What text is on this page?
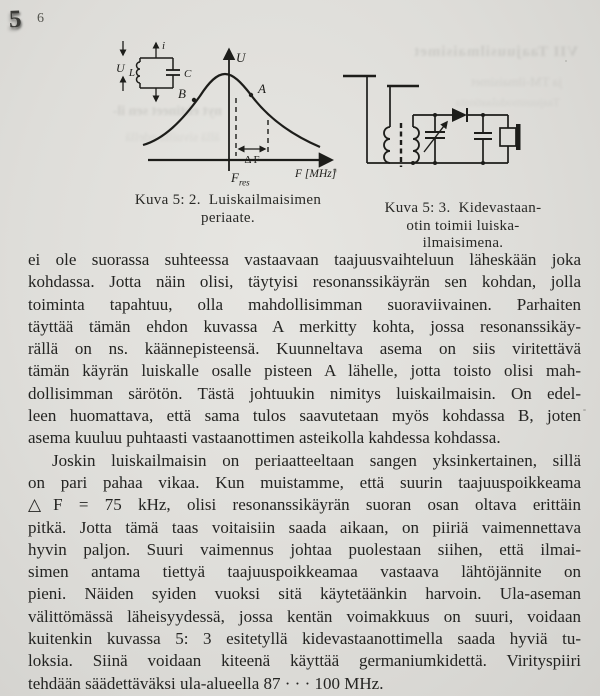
5 6
VII Taajuusilmaisimet
ja TM-ilmaisimet
Taajuusmodulaatiosta
nyt ehtineet sen il-
ällä sivuilla edellä
U
i
L	C
U
F [MHz]
$F_{res}$
B	A
Δ F
Kuva 5: 2.  Luiskailmaisimen
periaate.
Kuva 5: 3.  Kidevastaan-
otin toimii luiska-
ilmaisimena.
ei ole suorassa suhteessa vastaavaan taajuusvaihteluun läheskään joka
kohdassa. Jotta näin olisi, täytyisi resonanssikäyrän sen kohdan, jolla
toiminta tapahtuu, olla mahdollisimman suoraviivainen. Parhaiten
täyttää tämän ehdon kuvassa A merkitty kohta, jossa resonanssikäy-
rällä on ns. käännepisteensä. Kuunneltava asema on siis viritettävä
tämän käyrän luiskalle osalle pisteen A lähelle, jotta toisto olisi mah-
dollisimman särötön. Tästä johtuukin nimitys luiskailmaisin. On edel-
leen huomattava, että sama tulos saavutetaan myös kohdassa B, joten
asema kuuluu puhtaasti vastaanottimen asteikolla kahdessa kohdassa.
Joskin luiskailmaisin on periaatteeltaan sangen yksinkertainen, sillä
on pari pahaa vikaa. Kun muistamme, että suurin taajuuspoikkeama
△F = 75 kHz, olisi resonanssikäyrän suoran osan oltava erittäin
pitkä. Jotta tämä taas voitaisiin saada aikaan, on piiriä vaimennettava
hyvin paljon. Suuri vaimennus johtaa puolestaan siihen, että ilmai-
simen antama tiettyä taajuuspoikkeamaa vastaava lähtöjännite on
pieni. Näiden syiden vuoksi sitä käytetäänkin harvoin. Ula-aseman
välittömässä läheisyydessä, jossa kentän voimakkuus on suuri, voidaan
kuitenkin kuvassa 5: 3 esitetyllä kidevastaanottimella saada hyviä tu-
loksia. Siinä voidaan kiteenä käyttää germaniumkidettä. Virityspiiri
tehdään säädettäväksi ula-alueella 87 · · · 100 MHz.
